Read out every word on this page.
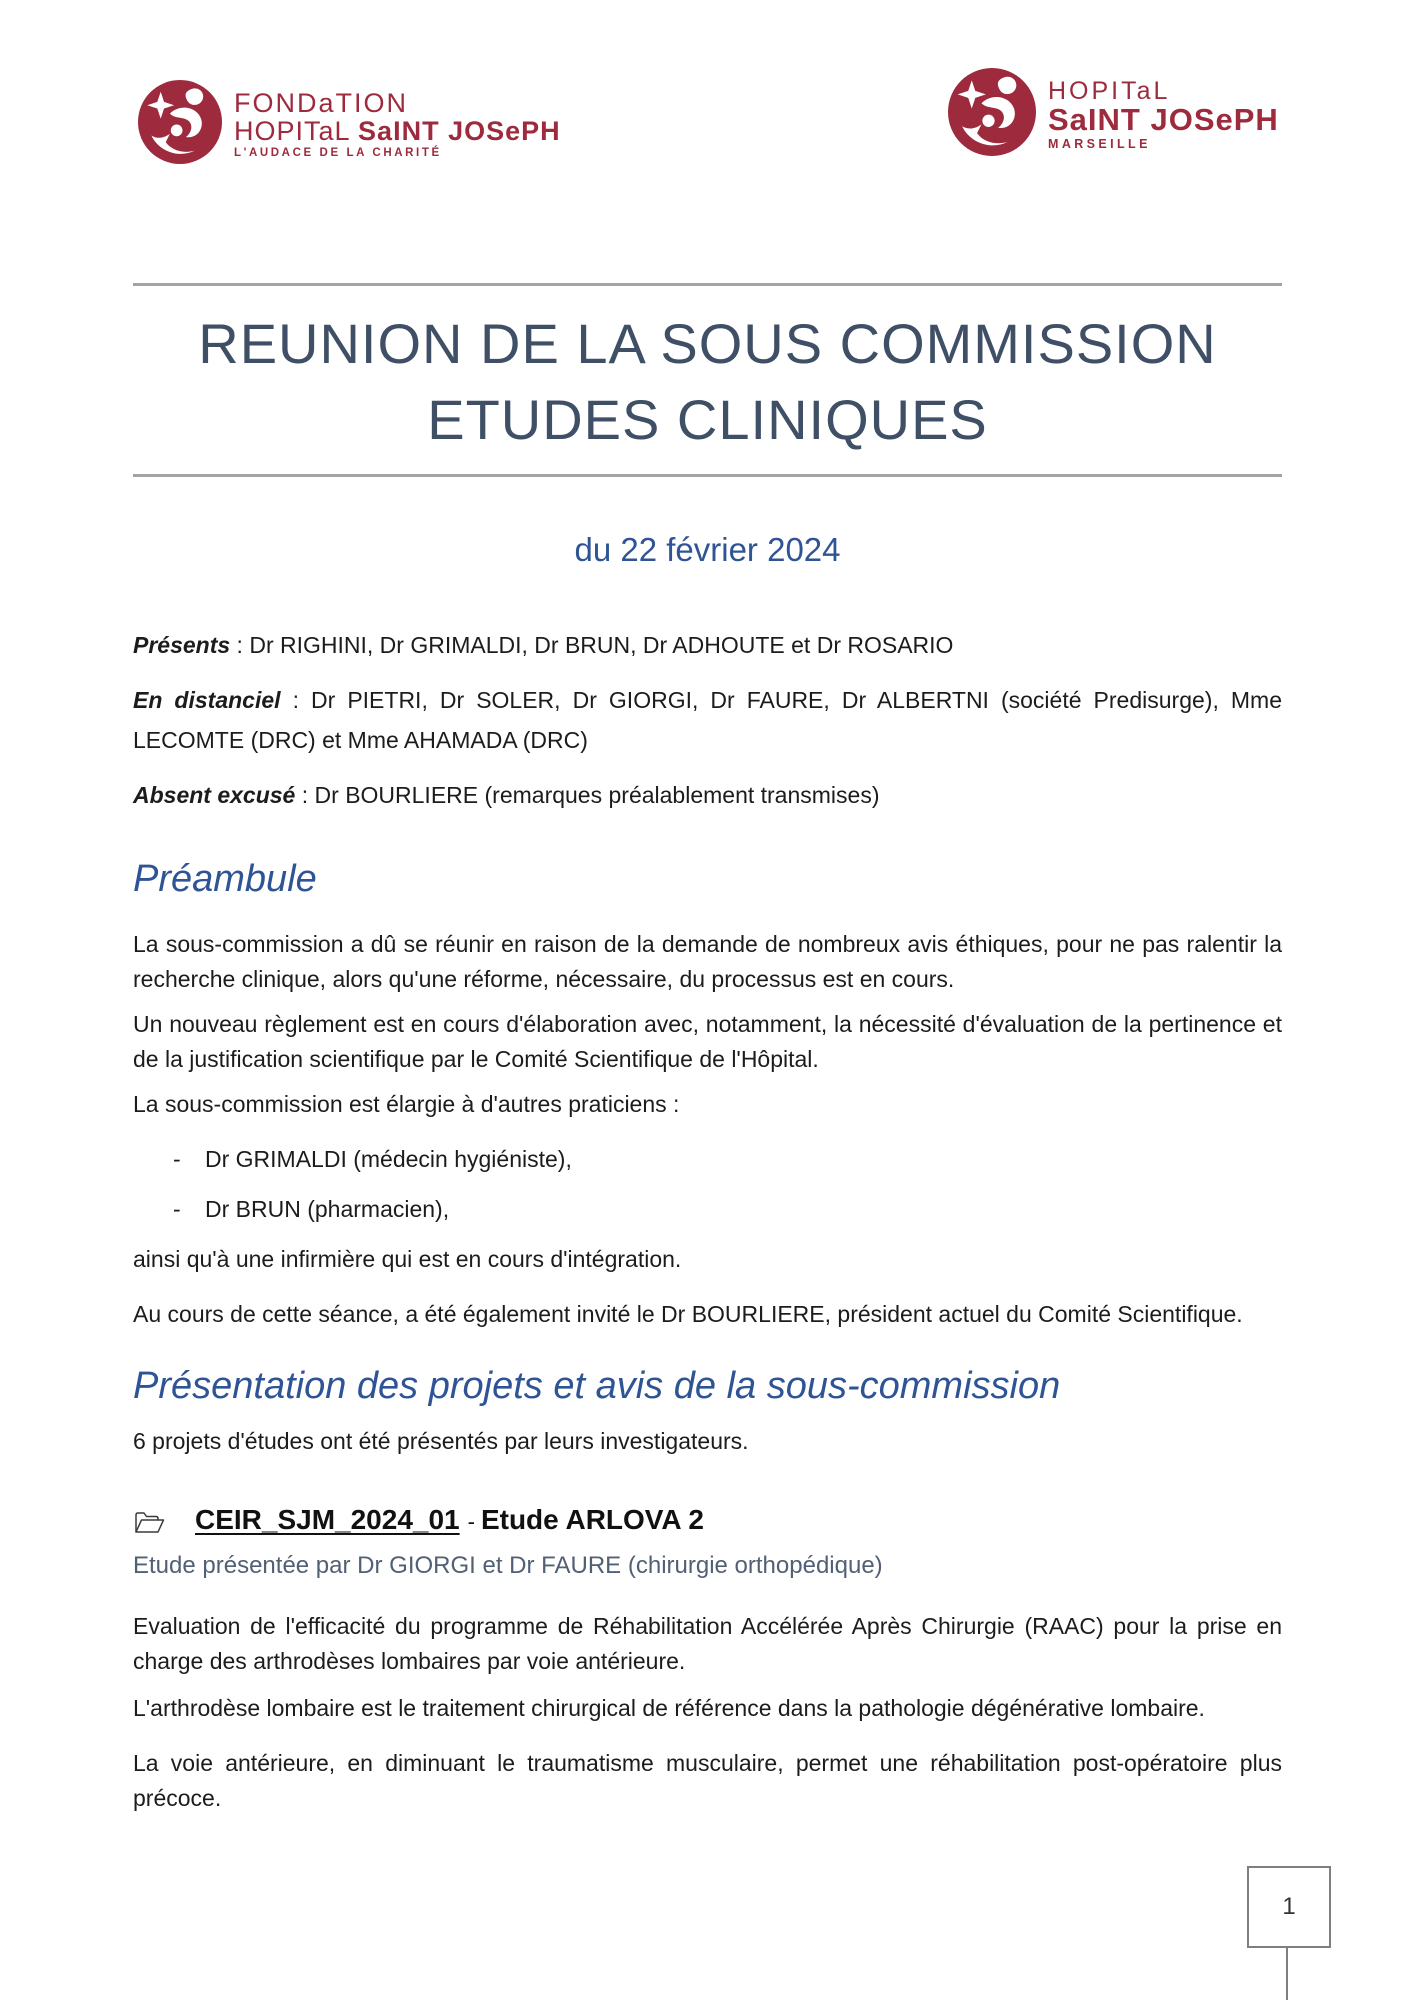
FONDaTION
HOPITaL SaINT JOSePH
L'AUDACE DE LA CHARITÉ
HOPITaL
SaINT JOSePH
MARSEILLE
REUNION DE LA SOUS COMMISSION
ETUDES CLINIQUES
du 22 février 2024

Présents : Dr RIGHINI, Dr GRIMALDI, Dr BRUN, Dr ADHOUTE et Dr ROSARIO

En distanciel : Dr PIETRI, Dr SOLER, Dr GIORGI, Dr FAURE, Dr ALBERTNI (société Predisurge), Mme LECOMTE (DRC) et Mme AHAMADA (DRC)

Absent excusé : Dr BOURLIERE (remarques préalablement transmises)

Préambule

La sous-commission a dû se réunir en raison de la demande de nombreux avis éthiques, pour ne pas ralentir la recherche clinique, alors qu'une réforme, nécessaire, du processus est en cours.

Un nouveau règlement est en cours d'élaboration avec, notamment, la nécessité d'évaluation de la pertinence et de la justification scientifique par le Comité Scientifique de l'Hôpital.

La sous-commission est élargie à d'autres praticiens :

- Dr GRIMALDI (médecin hygiéniste),

- Dr BRUN (pharmacien),

ainsi qu'à une infirmière qui est en cours d'intégration.

Au cours de cette séance, a été également invité le Dr BOURLIERE, président actuel du Comité Scientifique.

Présentation des projets et avis de la sous-commission

6 projets d'études ont été présentés par leurs investigateurs.

CEIR_SJM_2024_01 - Etude ARLOVA 2
Etude présentée par Dr GIORGI et Dr FAURE (chirurgie orthopédique)

Evaluation de l'efficacité du programme de Réhabilitation Accélérée Après Chirurgie (RAAC) pour la prise en charge des arthrodèses lombaires par voie antérieure.

L'arthrodèse lombaire est le traitement chirurgical de référence dans la pathologie dégénérative lombaire.

La voie antérieure, en diminuant le traumatisme musculaire, permet une réhabilitation post-opératoire plus précoce.

1
